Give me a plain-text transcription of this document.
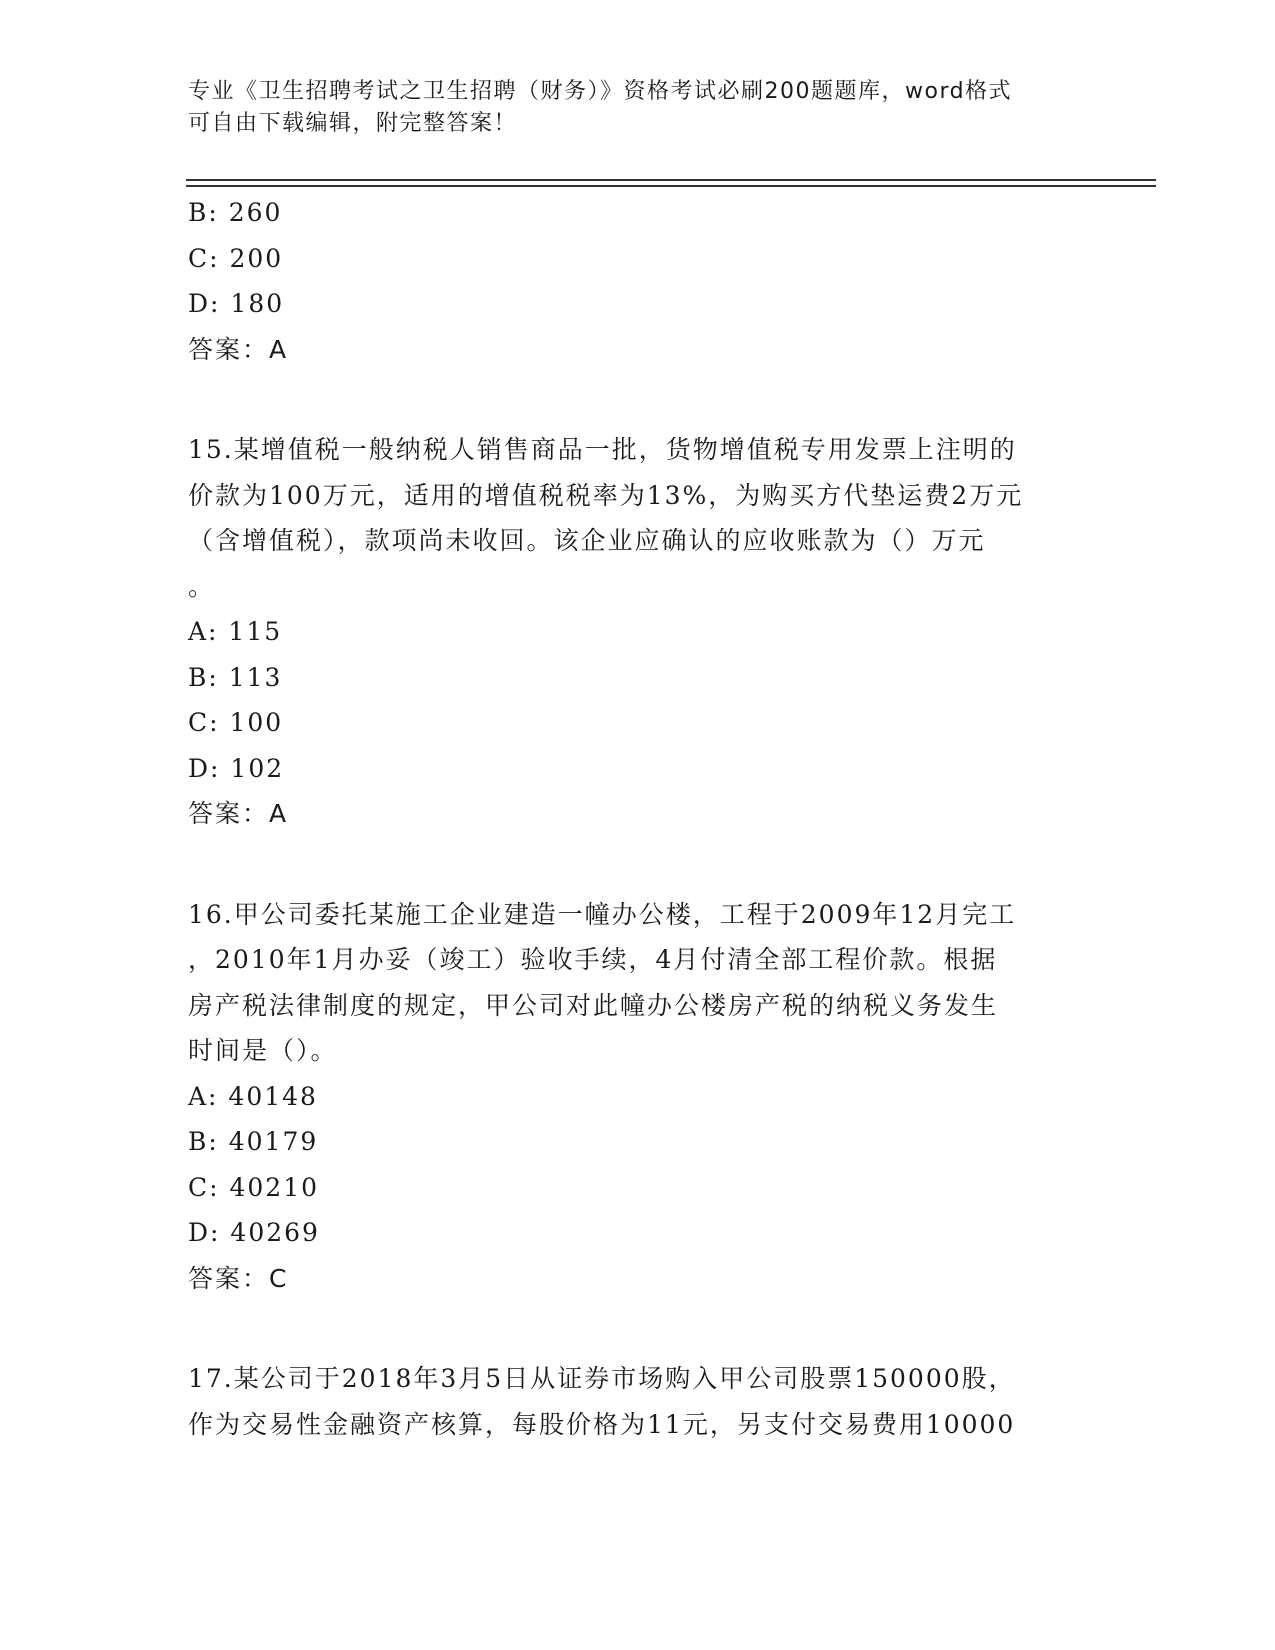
专业《卫生招聘考试之卫生招聘（财务）》资格考试必刷200题题库，word格式
可自由下载编辑，附完整答案！
B: 260
C: 200
D: 180
答案：A
15.某增值税一般纳税人销售商品一批，货物增值税专用发票上注明的
价款为100万元，适用的增值税税率为13%，为购买方代垫运费2万元
（含增值税），款项尚未收回。该企业应确认的应收账款为（）万元
。
A: 115
B: 113
C: 100
D: 102
答案：A
16.甲公司委托某施工企业建造一幢办公楼，工程于2009年12月完工
，2010年1月办妥（竣工）验收手续，4月付清全部工程价款。根据
房产税法律制度的规定，甲公司对此幢办公楼房产税的纳税义务发生
时间是（）。
A: 40148
B: 40179
C: 40210
D: 40269
答案：C
17.某公司于2018年3月5日从证券市场购入甲公司股票150000股，
作为交易性金融资产核算，每股价格为11元，另支付交易费用10000
